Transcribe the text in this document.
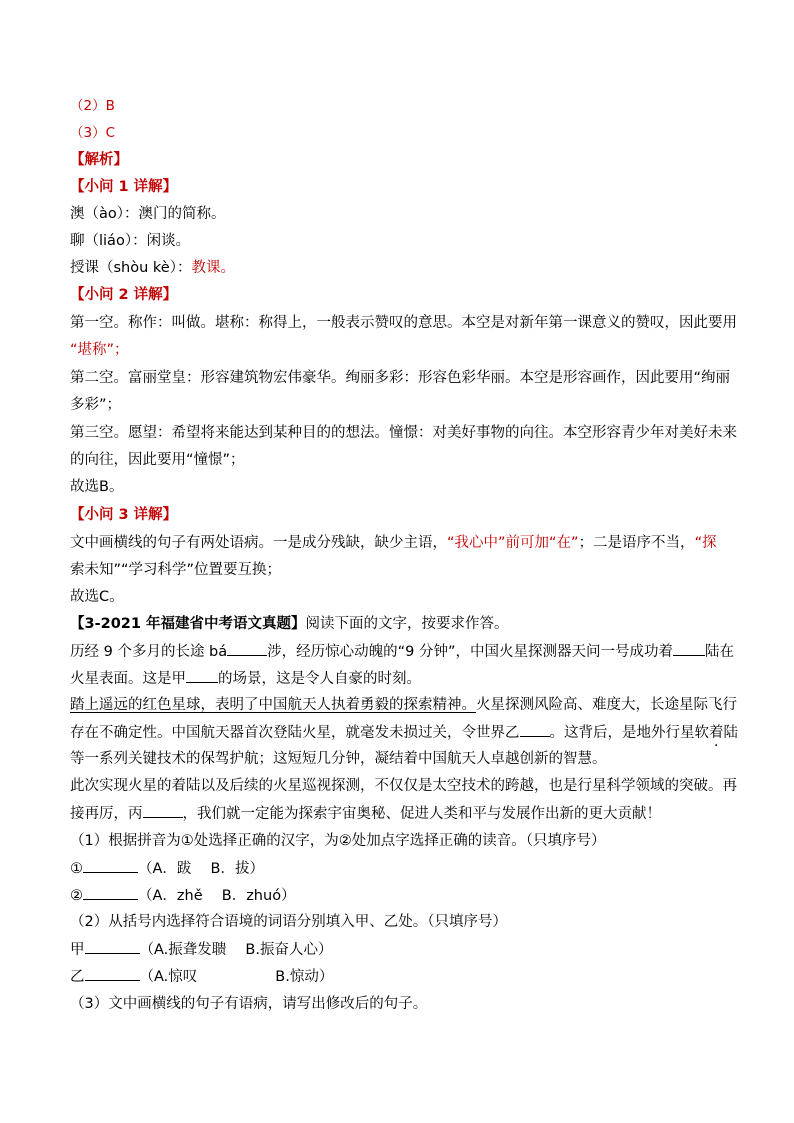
（2）B
（3）C
【解析】
【小问 1 详解】
澳（ào）：澳门的简称。
聊（liáo）：闲谈。
授课（shòu kè）：教课。
【小问 2 详解】
第一空。称作：叫做。堪称：称得上，一般表示赞叹的意思。本空是对新年第一课意义的赞叹，因此要用
“堪称”；
第二空。富丽堂皇：形容建筑物宏伟豪华。绚丽多彩：形容色彩华丽。本空是形容画作，因此要用“绚丽
多彩”；
第三空。愿望：希望将来能达到某种目的的想法。憧憬：对美好事物的向往。本空形容青少年对美好未来
的向往，因此要用“憧憬”；
故选B。
【小问 3 详解】
文中画横线的句子有两处语病。一是成分残缺，缺少主语，“我心中”前可加“在”；二是语序不当，“探
索未知”“学习科学”位置要互换；
故选C。
【3-2021 年福建省中考语文真题】阅读下面的文字，按要求作答。
历经 9 个多月的长途 bá	涉，经历惊心动魄的“9 分钟”，中国火星探测器天问一号成功着 陆在
火星表面。这是甲 的场景，这是令人自豪的时刻。
踏上遥远的红色星球，表明了中国航天人执着勇毅的探索精神。火星探测风险高、难度大，长途星际飞行
存在不确定性。中国航天器首次登陆火星，就毫发未损过关，令世界乙 。这背后，是地外行星软着陆
等一系列关键技术的保驾护航；这短短几分钟，凝结着中国航天人卓越创新的智慧。
此次实现火星的着陆以及后续的火星巡视探测，不仅仅是太空技术的跨越，也是行星科学领域的突破。再
接再厉，丙	，我们就一定能为探索宇宙奥秘、促进人类和平与发展作出新的更大贡献！
（1）根据拼音为①处选择正确的汉字，为②处加点字选择正确的读音。（只填序号）
①	（A．跋　 B．拔）
②	（A．zhě　 B．zhuó）
（2）从括号内选择符合语境的词语分别填入甲、乙处。（只填序号）
甲	（A.振聋发聩　 B.振奋人心）
乙	（A.惊叹	B.惊动）
（3）文中画横线的句子有语病，请写出修改后的句子。
